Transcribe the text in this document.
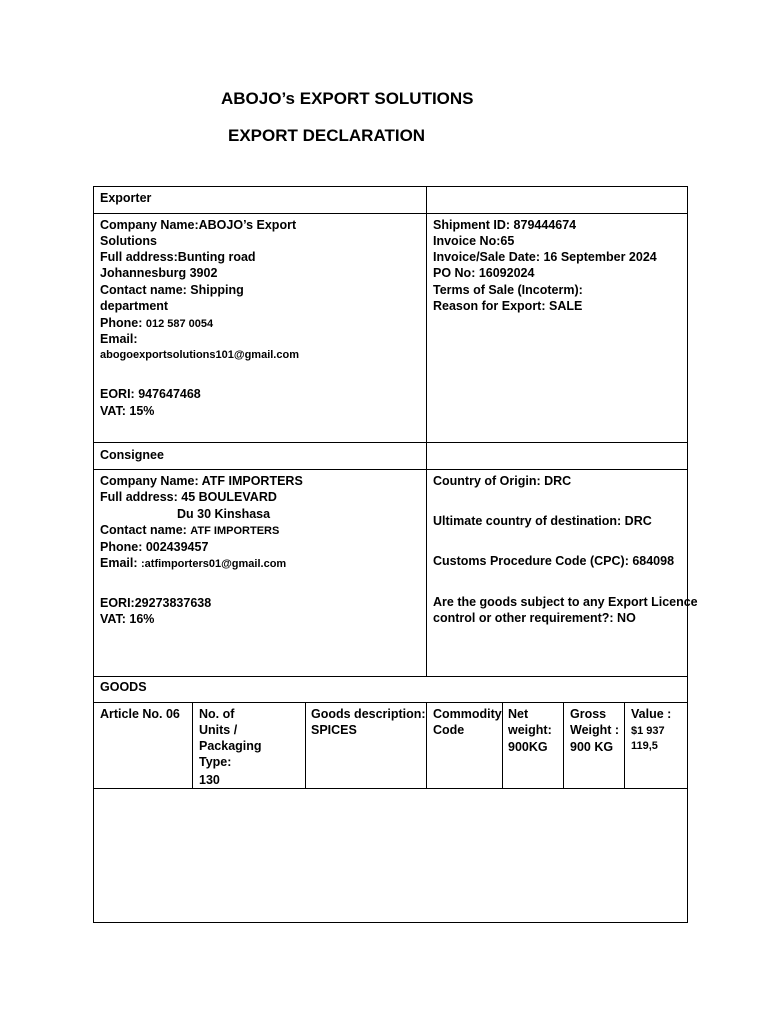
ABOJO’s EXPORT SOLUTIONS
EXPORT DECLARATION
Exporter
Company Name:ABOJO’s Export
Solutions
Full address:Bunting road
Johannesburg 3902
Contact name: Shipping
department
Phone: 012 587 0054
Email:
abogoexportsolutions101@gmail.com
EORI: 947647468
VAT: 15%
Shipment ID: 879444674
Invoice No:65
Invoice/Sale Date: 16 September 2024
PO No: 16092024
Terms of Sale (Incoterm):
Reason for Export: SALE
Consignee
Company Name: ATF IMPORTERS
Full address: 45 BOULEVARD
Du 30 Kinshasa
Contact name: ATF IMPORTERS
Phone: 002439457
Email: :atfimporters01@gmail.com
EORI:29273837638
VAT: 16%
Country of Origin: DRC
Ultimate country of destination: DRC
Customs Procedure Code (CPC): 684098
Are the goods subject to any Export Licence
control or other requirement?: NO
GOODS
Article No. 06 No. of
Units /
Packaging
Type:
130
Goods description:
SPICES
Commodity
Code
Net
weight:
900KG
Gross
Weight :
900 KG
Value :
$1 937
119,5
